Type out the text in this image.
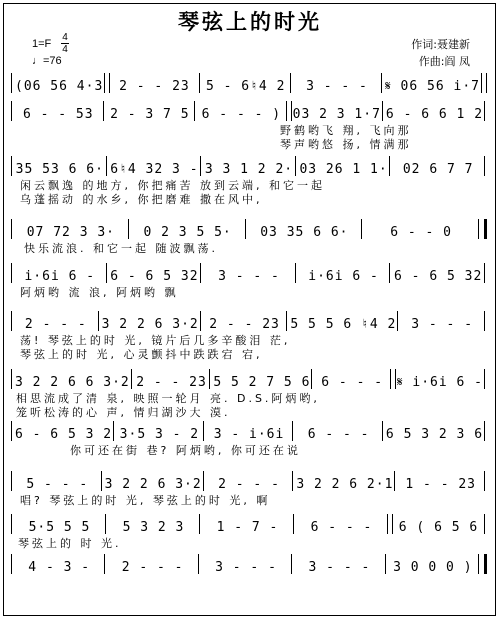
琴弦上的时光
1=F
4
4
♩=76
作词:聂建新
作曲:阎 凤
(06 56 4·3	2 - - 23	5 - 6♮4 2	3 - - -	𝄋 06 56 i·7
6 - - 53	2 - 3 7 5 6 - - - ) 03 2 3 1·7 6 - 6 6 1 2
野鹤哟飞 翔, 飞向那
琴声哟悠 扬, 情满那
35 53 6 6· 6♮4 32 3 - 3 3 1 2 2· 03 26 1 1·	02 6 7 7
闲云飘逸 的地方, 你把痛苦 放到云端, 和它一起
乌蓬摇动 的水乡, 你把磨难 撒在风中,
07 72 3 3·	0 2 3 5 5·	03 35 6 6·	6 - - 0
快乐流浪. 和它一起 随波飘荡.
i·6i 6 -	6 - 6 5 32	3 - - -	i·6i 6 -	6 - 6 5 32
阿炳哟 流 浪, 阿炳哟 飘
2 - - -	3 2 2 6 3·2 2 - - 23 5 5 5 6 ♮4 2	3 - - -
荡! 琴弦上的时 光, 镜片后几多辛酸泪 茫,
琴弦上的时 光, 心灵颤抖中跌跌宕 宕,
3 2 2 6 6 3·2 2 - - 23 5 5 2 7 5 6 6 - - -	𝄋 i·6i 6 -
相思流成了清 泉, 映照一轮月 亮. D.S.阿炳哟,
笼听松涛的心 声, 情归湖沙大 漠.
6 - 6 5 3 2 3·5 3 - 2	3 - i·6i	6 - - -	6 5 3 2 3 6
你可还在街 巷? 阿炳哟, 你可还在说
5 - - -	3 2 2 6 3·2	2 - - -	3 2 2 6 2·1 1 - - 23
唱? 琴弦上的时 光, 琴弦上的时 光, 啊
5·5 5 5	5 3 2 3	1 - 7 -	6 - - -	6 ( 6 5 6
琴弦上的 时 光.
4 - 3 -	2 - - -	3 - - -	3 - - -	3 0 0 0 )
